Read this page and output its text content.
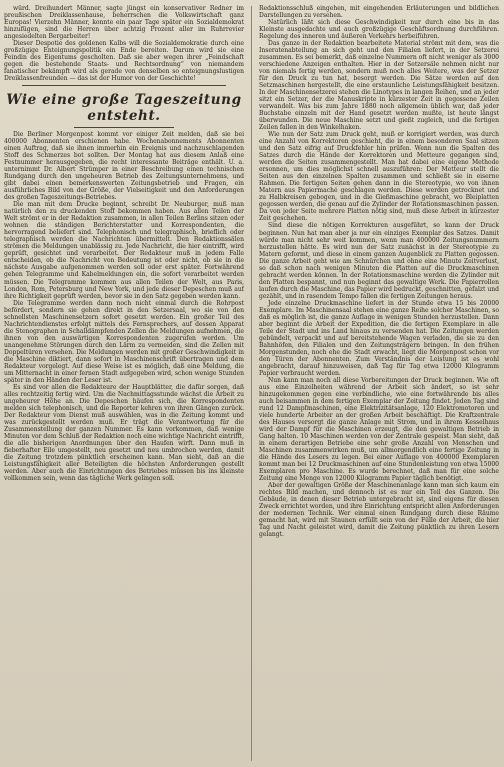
würd. Dreihundert Männer, sagte jüngst ein konservativer Redner im preußischen Dreiklassenhause, beherrschen die Volkswirtschaft ganz Europas! Vierzehn Männer, konnte ein paar Tage später ein Sozialdemokrat hinzufügen, sind die Herren über achtzig Prozent aller im Ruhrrevier angesiedelten Bergarbeiter!

Dieser Despotie des goldenen Kalbs will die Sozialdemokratie durch eine großzügige Enteignungspolitik ein Ende bereiten. Darum wird sie eine Feindin des Eigentums gescholten. Daß sie aber wegen ihrer „Feindschaft gegen die bestehende Staats- und Rechtsordnung“ von niemandem fanatischer bekämpft wird als gerade von denselben so enteignungslustigen Dreiklassenfreunden — das ist der Humor von der Geschichte!

Wie eine große Tageszeitung entsteht.

Die Berliner Morgenpost kommt vor einiger Zeit melden, daß sie bei 400000 Abonnenten erschienen habe. Wochenabonnements Abonnenten einen Auftrag, daß sie ihnen immerhin ein Ereignis und nachzuschlagenden Stoff des Schmerzes bot sollten. Der Montag hat aus diesem Anlaß eine Festnummer herausgegeben, die recht interessante Beiträge enthält. U. a. unternimmt Dr. Albert Strümper in einer Beschreibung einen technischen Rundgang durch den ungeheuren Betrieb des Zeitungsunternehmens, und gibt dabei einen bemerkenswerten Zeitungsbetrieb und Fragen, ein ausführliches Bild von der Größe, der Vielseitigkeit und den Anforderungen des großen Tageszeitungs-Betriebes.

Die man mit dem Drucke beginnt, schreibt Dr. Neuburger, muß man natürlich den zu druckenden Stoff bekommen haben. Aus allen Teilen der Welt strömt er in der Redaktion zusammen, in allen Teilen Berlins sitzen oder wohnen die ständigen Berichterstatter und Korrespondenten, die hervorragend beliefert sind. Telephonisch und telegraphisch, brieflich oder telegraphisch werden die Nachrichten übermittelt. Den Redaktionssälen strömen die Meldungen unablässig zu. Jede Nachricht, die hier eintrifft, wird geprüft, gesichtet und verarbeitet. Der Redakteur muß in jedem Falle entscheiden, ob die Nachricht von Bedeutung ist oder nicht, ob sie in die nächste Ausgabe aufgenommen werden soll oder erst später. Fortwährend gehen Telegramme und Kabelmeldungen ein, die sofort verarbeitet werden müssen. Die Telegramme kommen aus allen Teilen der Welt, aus Paris, London, Rom, Petersburg und New York, und jede dieser Depeschen muß auf ihre Richtigkeit geprüft werden, bevor sie in den Satz gegeben werden kann.

Die Telegramme werden dann noch nicht einmal durch die Rohrpost befördert, sondern sie gehen direkt in den Setzersaal, wo sie von den schnellsten Maschinensetzern sofort gesetzt werden. Ein großer Teil des Nachrichtendienstes erfolgt mittels des Fernsprechers, auf dessen Apparat die Stenographen in Schalldämpfenden Zellen die Meldungen aufnehmen, die ihnen von den auswärtigen Korrespondenten zugerufen werden. Um unangenehme Störungen durch den Lärm zu vermeiden, sind die Zellen mit Doppeltüren versehen. Die Meldungen werden mit großer Geschwindigkeit in die Maschine diktiert, dann sofort in Maschinenschrift übertragen und dem Redakteur vorgelegt. Auf diese Weise ist es möglich, daß eine Meldung, die um Mitternacht in einer fernen Stadt aufgegeben wird, schon wenige Stunden später in den Händen der Leser ist.

Es sind vor allen die Redakteure der Hauptblätter, die dafür sorgen, daß alles rechtzeitig fertig wird. Um die Nachmittagsstunde wächst die Arbeit zu ungeheurer Höhe an. Die Depeschen häufen sich, die Korrespondenten melden sich telephonisch, und die Reporter kehren von ihren Gängen zurück. Der Redakteur vom Dienst muß auswählen, was in die Zeitung kommt und was zurückgestellt werden muß. Er trägt die Verantwortung für die Zusammenstellung der ganzen Nummer. Es kann vorkommen, daß wenige Minuten vor dem Schluß der Redaktion noch eine wichtige Nachricht eintrifft, die alle bisherigen Anordnungen über den Haufen wirft. Dann muß in fieberhafter Eile umgestellt, neu gesetzt und neu umbrochen werden, damit die Zeitung trotzdem pünktlich erscheinen kann. Man sieht, daß an die Leistungsfähigkeit aller Beteiligten die höchsten Anforderungen gestellt werden. Aber auch die Einrichtungen des Betriebes müssen bis ins kleinste vollkommen sein, wenn das tägliche Werk gelingen soll.

Redaktionsschluß eingehen, mit eingehenden Erläuterungen und bildlichen Darstellungen zu versehen.

Natürlich läßt sich diese Geschwindigkeit nur durch eine bis in das Kleinste ausgedachte und auch großzügige Geschäftsordnung durchführen. Regelung des inneren und äußeren Verkehrs herbeiführen.

Das ganze in der Redaktion bearbeitete Material strömt mit dem, was die Inseratenabteilung an sich geht und den Filialen liefert, in der Setzerei zusammen. Es sei bemerkt, daß einzelne Nummern oft nicht weniger als 3000 verschiedene Anzeigen enthalten. Hier in der Setzersäle nehmen nicht nur von niemals fertig werden, sondern muß noch alles Weitere, was der Setzer für den Druck zu tun hat, besorgt werden. Die Sätze werden auf den Setzmaschinen hergestellt, die eine erstaunliche Leistungsfähigkeit besitzen. In der Maschinensetzerei stehen die Linotypes in langen Reihen, und an jeder sitzt ein Setzer, der die Manuskripte in kürzester Zeit in gegossene Zeilen verwandelt. Was bis zum Jahre 1880 noch allgemein üblich war, daß jeder Buchstabe einzeln mit der Hand gesetzt werden mußte, ist heute längst überwunden. Die neue Maschine setzt und gießt zugleich, und die fertigen Zeilen fallen in den Winkelhaken.

Wie nun der Satz zum Druck geht, muß er korrigiert werden, was durch eine Anzahl von Korrektoren geschieht, die in einem besonderen Saal sitzen und den Satz eifrig auf Druckfehler hin prüfen. Wenn nun die Spalten des Satzes durch die Hände der Korrektoren und Metteure gegangen sind, werden die Seiten zusammengestellt. Man hat dabei eine eigene Methode ersonnen, um dies möglichst schnell auszuführen: Der Metteur stellt die Seiten aus den einzelnen Spalten zusammen und schließt sie in eiserne Rahmen. Die fertigen Seiten gehen dann in die Stereotypie, wo von ihnen Matern aus Papiermaché geschlagen werden. Diese werden getrocknet und zu Halbkreisen gebogen, und in die Gießmaschine gebracht, wo Bleiplatten gegossen werden, die genau auf die Zylinder der Rotationsmaschinen passen. Da von jeder Seite mehrere Platten nötig sind, muß diese Arbeit in kürzester Zeit geschehen.

Sind diese die nötigen Korrekturen ausgeführt, so kann der Druck beginnen. Nun hat man aber ja nur ein einziges Exemplar des Satzes. Damit würde man nicht sehr weit kommen, wenn man 400000 Zeitungsnummern herzustellen hätte. Es wird nun der Satz zunächst in der Stereotypie zu Matern geformt, und diese in einem ganzen Augenblick zu Platten gegossen. Die ganze Arbeit geht wie am Schnürchen und ohne eine Minute Zeitverlust, so daß schon nach wenigen Minuten die Platten auf die Druckmaschinen gebracht werden können. In der Rotationsmaschine werden die Zylinder mit den Platten bespannt, und nun beginnt das gewaltige Werk. Die Papierrollen laufen durch die Maschine, das Papier wird bedruckt, geschnitten, gefalzt und gezählt, und in rasendem Tempo fallen die fertigen Zeitungen heraus.

Jede einzelne Druckmaschine liefert in der Stunde etwa 15 bis 20000 Exemplare. Im Maschinensaal stehen eine ganze Reihe solcher Maschinen, so daß es möglich ist, die ganze Auflage in wenigen Stunden herzustellen. Dann aber beginnt die Arbeit der Expedition, die die fertigen Exemplare in alle Teile der Stadt und ins Land hinaus zu versenden hat. Die Zeitungen werden gebündelt, verpackt und auf bereitstehende Wagen verladen, die sie zu den Bahnhöfen, den Filialen und den Zeitungsträgern bringen. In den frühen Morgenstunden, noch ehe die Stadt erwacht, liegt die Morgenpost schon vor den Türen der Abonnenten. Zum Verständnis der Leistung ist es wohl angebracht, darauf hinzuweisen, daß Tag für Tag etwa 12000 Kilogramm Papier verbraucht werden.

Nun kann man noch all diese Vorbereitungen der Druck beginnen. Wie oft aus eine Einzelheiten während der Arbeit sich ändert, so ist sehr hinzugekommen gegen eine verbindliche, wie eine fortwährende bis alles auch beisammen in dem fertigen Exemplar der Zeitung findet. Jeden Tag sind rund 12 Dampfmaschinen, eine Elektrizitätsanlage, 120 Elektromotoren und viele hunderte Arbeiter an der großen Arbeit beschäftigt. Die Kraftzentrale des Hauses versorgt die ganze Anlage mit Strom, und in ihrem Kesselhaus wird der Dampf für die Maschinen erzeugt, die den gewaltigen Betrieb in Gang halten. 10 Maschinen werden von der Zentrale gespeist. Man sieht, daß in einem derartigen Betriebe eine sehr große Anzahl von Menschen und Maschinen zusammenwirken muß, um allmorgendlich eine fertige Zeitung in die Hände des Lesers zu legen. Bei einer Auflage von 400000 Exemplaren kommt man bei 12 Druckmaschinen auf eine Stundenleistung von etwa 15000 Exemplaren pro Maschine. Es wurde berechnet, daß man für eine solche Zeitung eine Menge von 12000 Kilogramm Papier täglich benötigt.

Aber der gewaltigen Größe der Maschinenanlage kann man sich kaum ein rechtes Bild machen, und dennoch ist es nur ein Teil des Ganzen. Die Gebäude, in denen dieser Betrieb untergebracht ist, sind eigens für diesen Zweck errichtet worden, und ihre Einrichtung entspricht allen Anforderungen der modernen Technik. Wer einmal einen Rundgang durch diese Räume gemacht hat, wird mit Staunen erfüllt sein von der Fülle der Arbeit, die hier Tag und Nacht geleistet wird, damit die Zeitung pünktlich zu ihren Lesern gelangt.
